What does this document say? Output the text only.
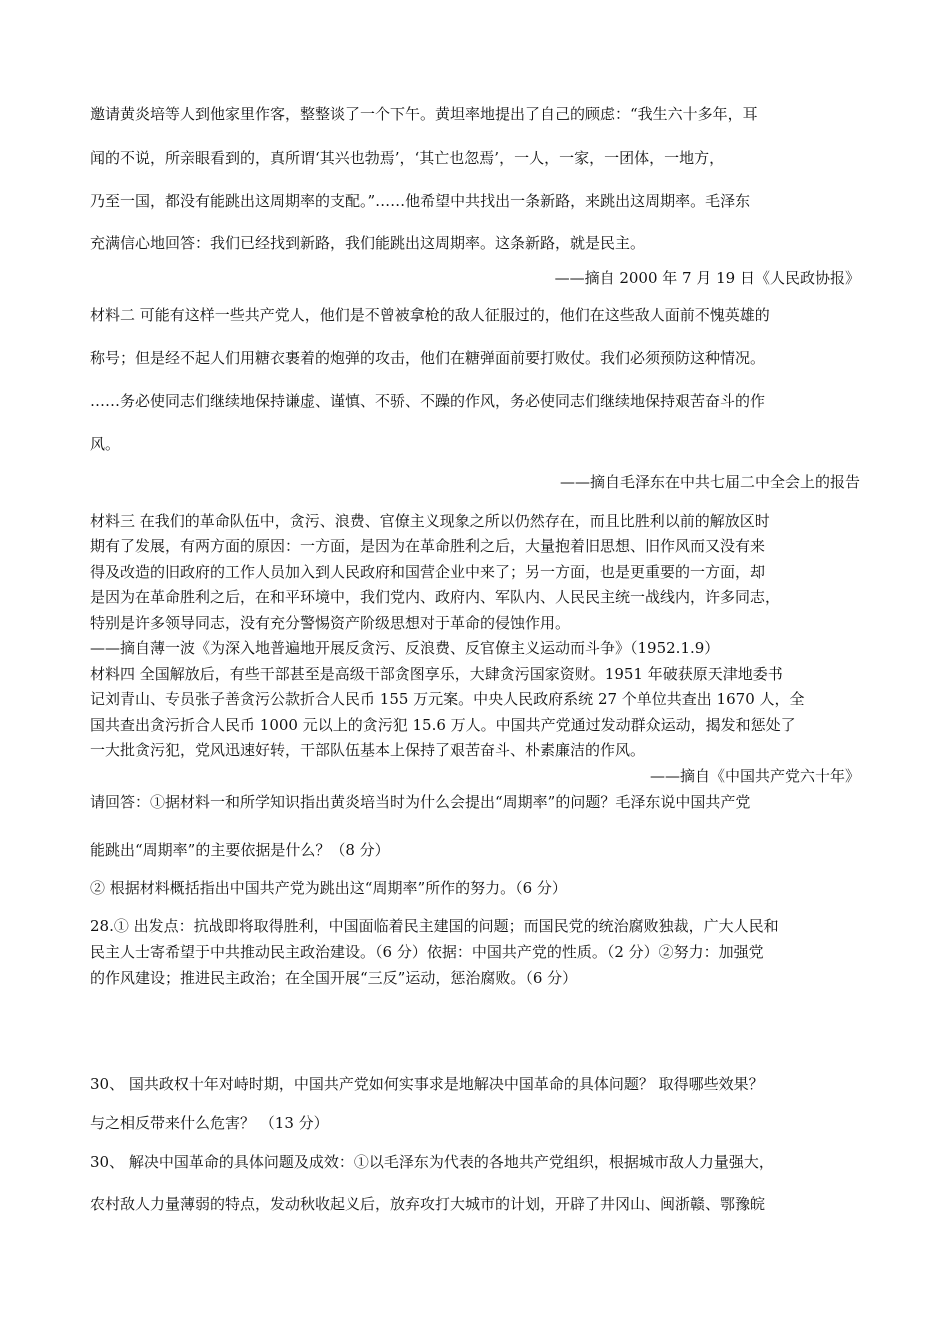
邀请黄炎培等人到他家里作客，整整谈了一个下午。黄坦率地提出了自己的顾虑：“我生六十多年，耳
闻的不说，所亲眼看到的，真所谓‘其兴也勃焉’，‘其亡也忽焉’，一人，一家，一团体，一地方，
乃至一国，都没有能跳出这周期率的支配。”……他希望中共找出一条新路，来跳出这周期率。毛泽东
充满信心地回答：我们已经找到新路，我们能跳出这周期率。这条新路，就是民主。
——摘自 2000 年 7 月 19 日《人民政协报》
材料二 可能有这样一些共产党人，他们是不曾被拿枪的敌人征服过的，他们在这些敌人面前不愧英雄的
称号；但是经不起人们用糖衣裹着的炮弹的攻击，他们在糖弹面前要打败仗。我们必须预防这种情况。
……务必使同志们继续地保持谦虚、谨慎、不骄、不躁的作风，务必使同志们继续地保持艰苦奋斗的作
风。
——摘自毛泽东在中共七届二中全会上的报告
材料三 在我们的革命队伍中，贪污、浪费、官僚主义现象之所以仍然存在，而且比胜利以前的解放区时
期有了发展，有两方面的原因：一方面，是因为在革命胜利之后，大量抱着旧思想、旧作风而又没有来
得及改造的旧政府的工作人员加入到人民政府和国营企业中来了；另一方面，也是更重要的一方面，却
是因为在革命胜利之后，在和平环境中，我们党内、政府内、军队内、人民民主统一战线内，许多同志，
特别是许多领导同志，没有充分警惕资产阶级思想对于革命的侵蚀作用。
——摘自薄一波《为深入地普遍地开展反贪污、反浪费、反官僚主义运动而斗争》（1952.1.9）
材料四 全国解放后，有些干部甚至是高级干部贪图享乐，大肆贪污国家资财。1951 年破获原天津地委书
记刘青山、专员张子善贪污公款折合人民币 155 万元案。中央人民政府系统 27 个单位共查出 1670 人，全
国共查出贪污折合人民币 1000 元以上的贪污犯 15.6 万人。中国共产党通过发动群众运动，揭发和惩处了
一大批贪污犯，党风迅速好转，干部队伍基本上保持了艰苦奋斗、朴素廉洁的作风。
——摘自《中国共产党六十年》
请回答：①据材料一和所学知识指出黄炎培当时为什么会提出“周期率”的问题？毛泽东说中国共产党
能跳出“周期率”的主要依据是什么？（8 分）
② 根据材料概括指出中国共产党为跳出这“周期率”所作的努力。（6 分）
28.① 出发点：抗战即将取得胜利，中国面临着民主建国的问题；而国民党的统治腐败独裁，广大人民和
民主人士寄希望于中共推动民主政治建设。（6 分）依据：中国共产党的性质。（2 分）②努力：加强党
的作风建设；推进民主政治；在全国开展“三反”运动，惩治腐败。（6 分）
30、 国共政权十年对峙时期，中国共产党如何实事求是地解决中国革命的具体问题？ 取得哪些效果？
与之相反带来什么危害？ （13 分）
30、 解决中国革命的具体问题及成效：①以毛泽东为代表的各地共产党组织，根据城市敌人力量强大，
农村敌人力量薄弱的特点，发动秋收起义后，放弃攻打大城市的计划，开辟了井冈山、闽浙赣、鄂豫皖
